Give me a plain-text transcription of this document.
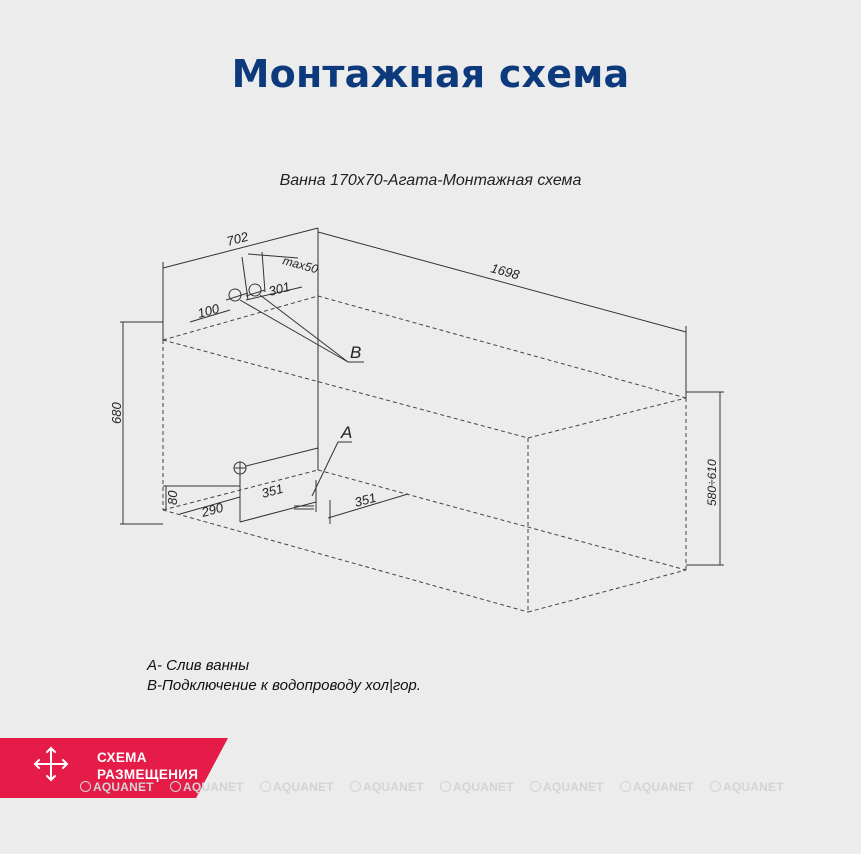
Монтажная схема
Ванна 170х70-Агата-Монтажная схема
702
1698
680
580÷610
max50
100
301
290
351	351
80
B
A
А- Слив ванны
В-Подключение к водопроводу хол|гор.
СХЕМА
РАЗМЕЩЕНИЯ
AQUANET	AQUANET	AQUANET	AQUANET	AQUANET	AQUANET	AQUANET	AQUANET
